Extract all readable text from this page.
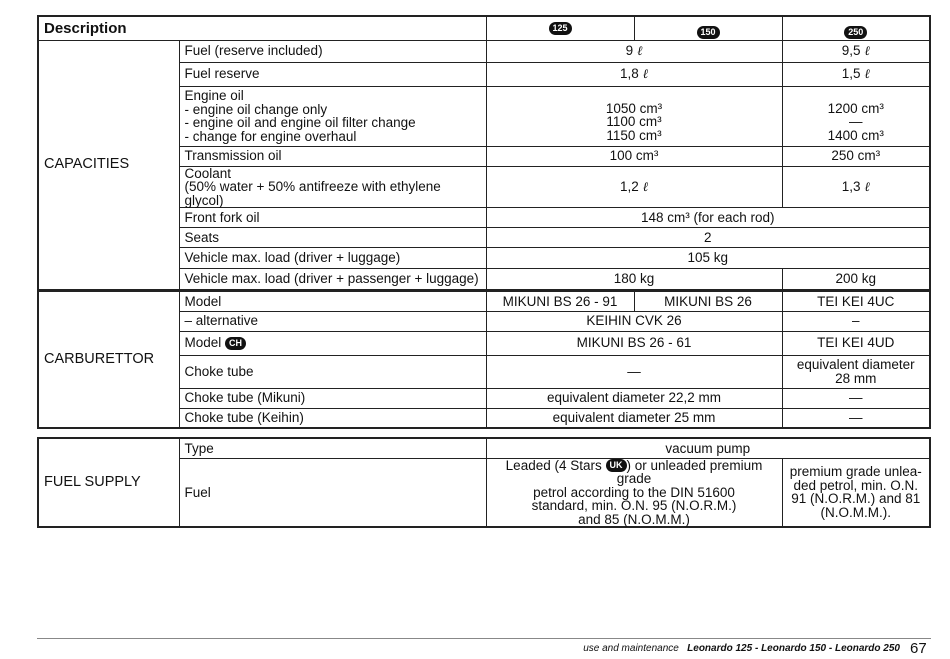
Description		125	150	250
CAPACITIES	Fuel (reserve included)	9 ℓ		9,5 ℓ
	Fuel reserve	1,8 ℓ		1,5 ℓ
	Engine oil
- engine oil change only
- engine oil and engine oil filter change
- change for engine overhaul	1050 cm³
1100 cm³
1150 cm³		1200 cm³
—
1400 cm³
	Transmission oil	100 cm³		250 cm³
	Coolant
(50% water + 50% antifreeze with ethylene glycol)	1,2 ℓ		1,3 ℓ
	Front fork oil	148 cm³ (for each rod)		
	Seats	2		
	Vehicle max. load (driver + luggage)	105 kg		
	Vehicle max. load (driver + passenger + luggage)	180 kg		200 kg
CARBURETTOR	Model	MIKUNI BS 26 - 91	MIKUNI BS 26	TEI KEI 4UC
	– alternative	KEIHIN CVK 26		–
	Model CH	MIKUNI BS 26 - 61		TEI KEI 4UD
	Choke tube	—		equivalent diameter
28 mm
	Choke tube (Mikuni)	equivalent diameter 22,2 mm		—
	Choke tube (Keihin)	equivalent diameter 25 mm		—
FUEL SUPPLY	Type	vacuum pump	
	Fuel	Leaded (4 Stars UK ) or unleaded premium grade
petrol according to the DIN 51600
standard, min. O.N. 95 (N.O.R.M.)
and 85 (N.O.M.M.)	premium grade unlea-
ded petrol, min. O.N.
91 (N.O.R.M.) and 81
(N.O.M.M.).
use and maintenance Leonardo 125 - Leonardo 150 - Leonardo 250 67
